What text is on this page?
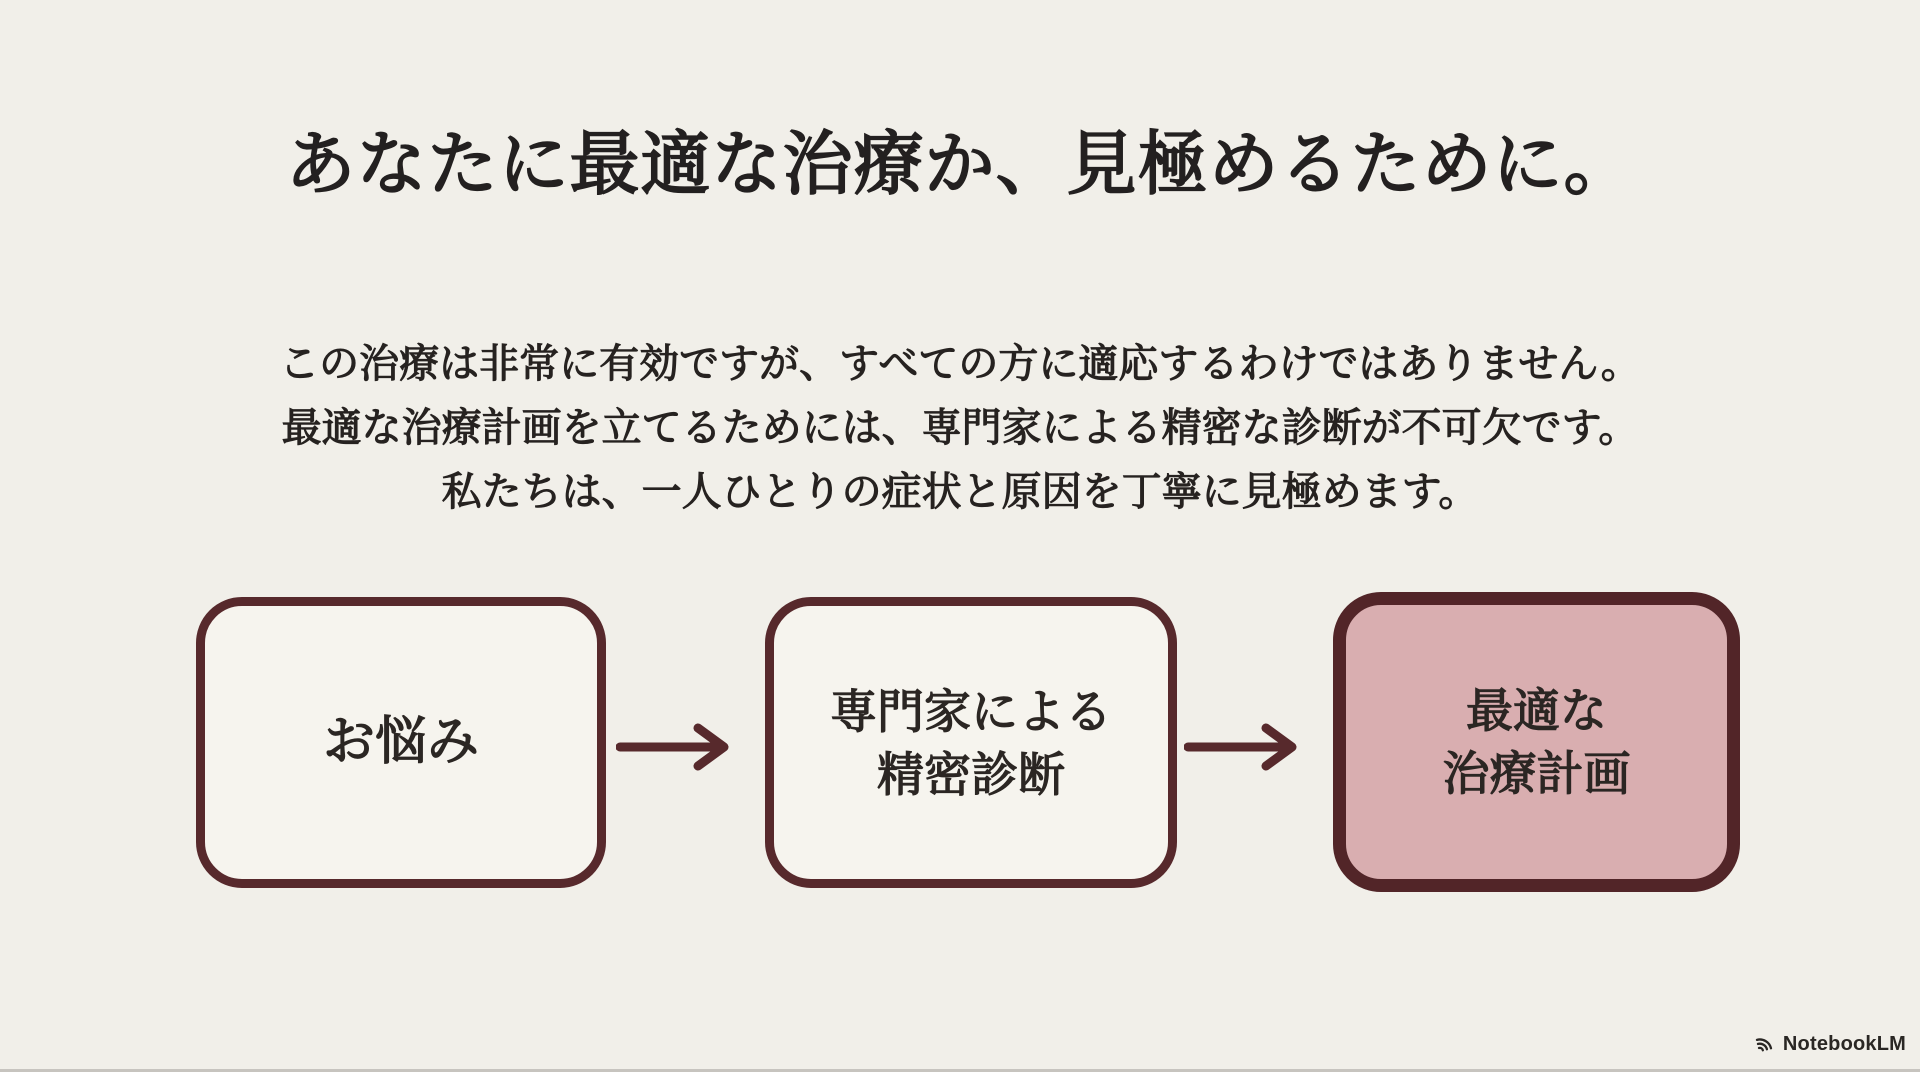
あなたに最適な治療か、見極めるために。

この治療は非常に有効ですが、すべての方に適応するわけではありません。

最適な治療計画を立てるためには、専門家による精密な診断が不可欠です。

私たちは、一人ひとりの症状と原因を丁寧に見極めます。

お悩み
専門家による
精密診断
最適な
治療計画
NotebookLM
